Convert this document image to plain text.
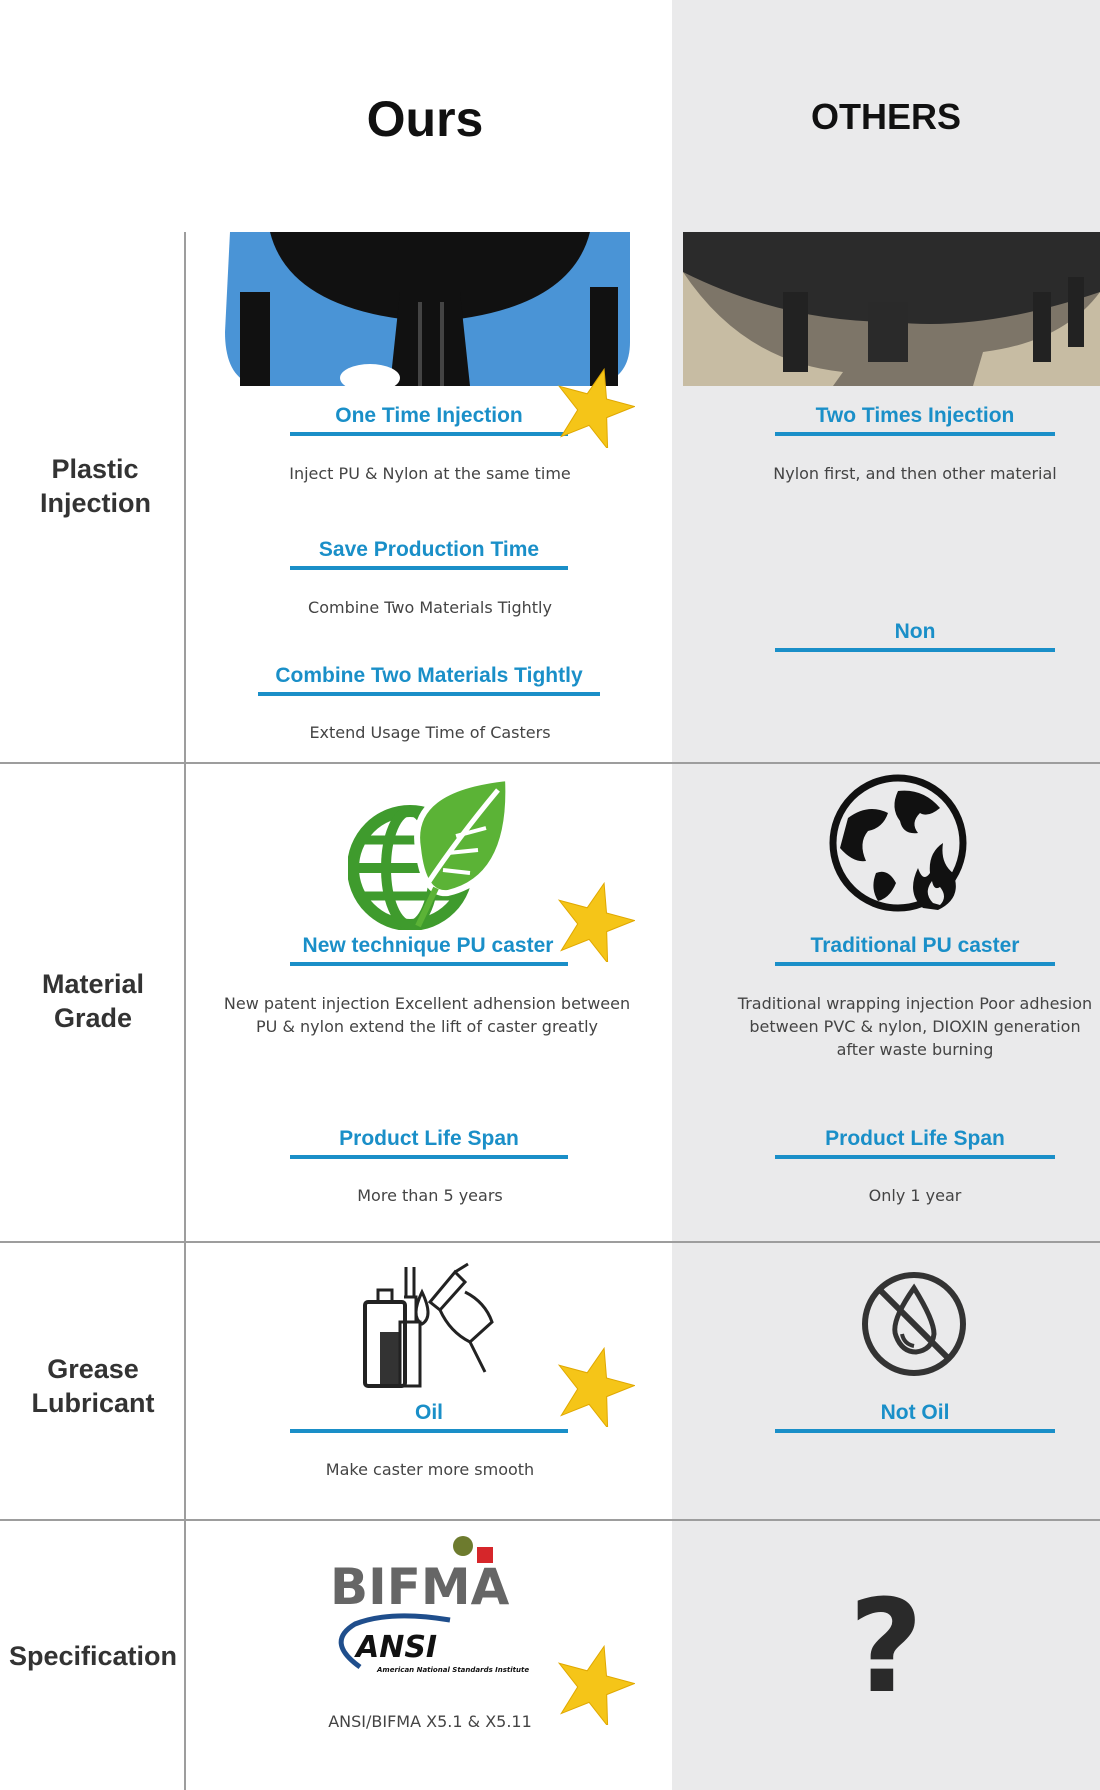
Ours	OTHERS
Plastic Injection
Material Grade
Grease Lubricant
Specification
One Time Injection
Inject PU & Nylon at the same time
Save Production Time
Combine Two Materials Tightly
Combine Two Materials Tightly
Extend Usage Time of Casters
Two Times Injection
Nylon first, and then other material
Non
New technique PU caster
New patent injection Excellent adhension between PU & nylon extend the lift of caster greatly
Product Life Span
More than 5 years
Traditional PU caster
Traditional wrapping injection Poor adhesion between PVC & nylon, DIOXIN generation after waste burning
Product Life Span
Only 1 year
Oil
Make caster more smooth
Not Oil
BIFMA
ANSI
American National Standards Institute
ANSI/BIFMA X5.1 & X5.11	?
